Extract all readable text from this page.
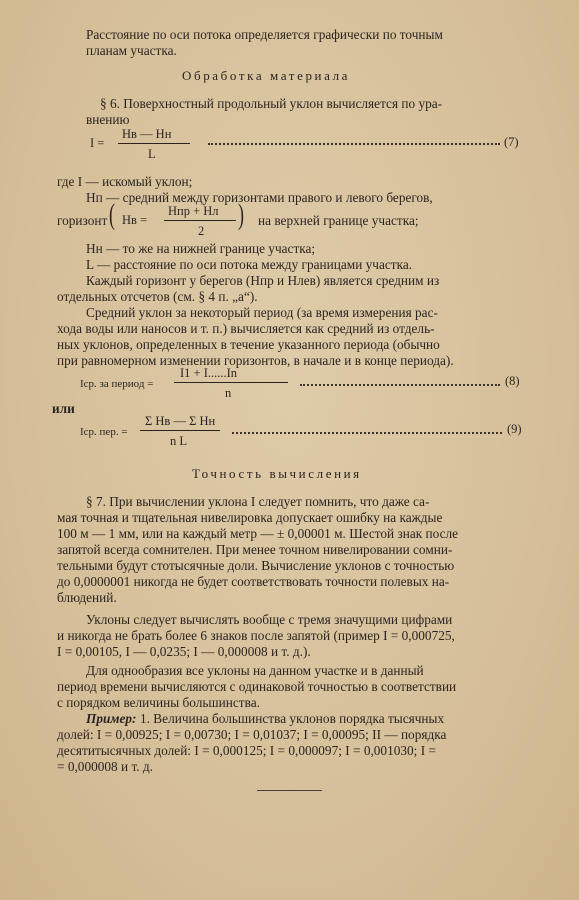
Расстояние по оси потока определяется графически по точным
планам участка.
Обработка материала
§ 6. Поверхностный продольный уклон вычисляется по ура-
внению
I =
Hв — Hн
L
(7)
где I — искомый уклон;
Hп — средний между горизонтами правого и левого берегов,
горизонт ( Hв =
Hпр + Hл
2 ) на верхней границе участка;
Hн — то же на нижней границе участка;
L — расстояние по оси потока между границами участка.
Каждый горизонт у берегов (Hпр и Hлев) является средним из
отдельных отсчетов (см. § 4 п. „а“).
Средний уклон за некоторый период (за время измерения рас-
хода воды или наносов и т. п.) вычисляется как средний из отдель-
ных уклонов, определенных в течение указанного периода (обычно
при равномерном изменении горизонтов, в начале и в конце периода).
Iср. за период =
I1 + I......In
n
(8)
или
Iср. пер. =
Σ Hв — Σ Hн
n L
(9)
Точность вычисления
§ 7. При вычислении уклона I следует помнить, что даже са-
мая точная и тщательная нивелировка допускает ошибку на каждые
100 м — 1 мм, или на каждый метр — ± 0,00001 м. Шестой знак после
запятой всегда сомнителен. При менее точном нивелировании сомни-
тельными будут стотысячные доли. Вычисление уклонов с точностью
до 0,0000001 никогда не будет соответствовать точности полевых на-
блюдений.
Уклоны следует вычислять вообще с тремя значущими цифрами
и никогда не брать более 6 знаков после запятой (пример I = 0,000725,
I = 0,00105, I — 0,0235; I — 0,000008 и т. д.).
Для однообразия все уклоны на данном участке и в данный
период времени вычисляются с одинаковой точностью в соответствии
с порядком величины большинства.
Пример: 1. Величина большинства уклонов порядка тысячных
долей: I = 0,00925; I = 0,00730; I = 0,01037; I = 0,00095; II — порядка
десятитысячных долей: I = 0,000125; I = 0,000097; I = 0,001030; I =
= 0,000008 и т. д.
